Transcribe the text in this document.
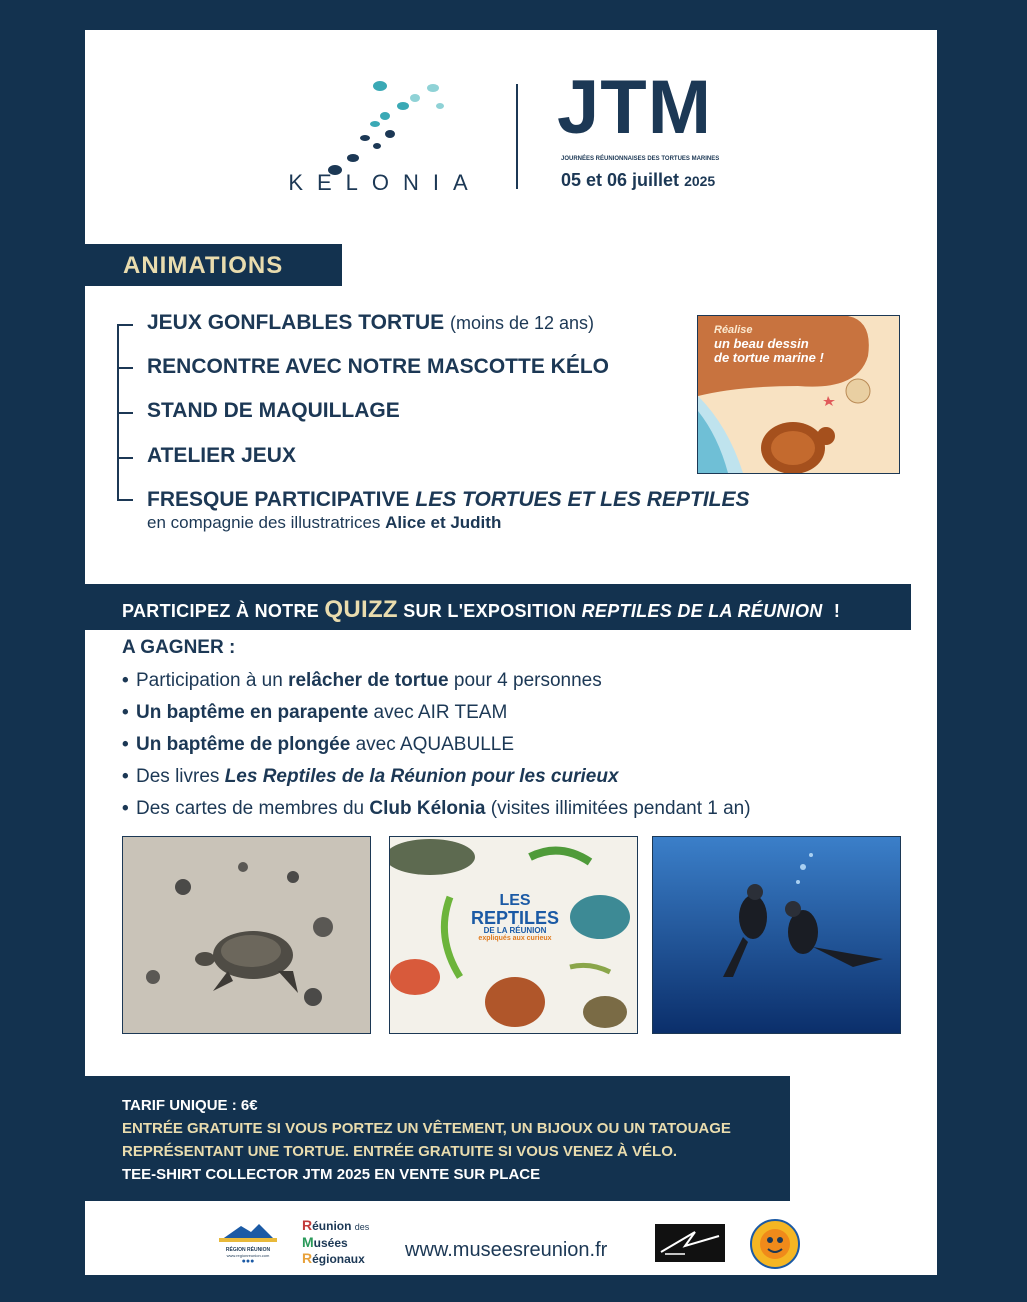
KELONIA
JTM
JOURNÉES RÉUNIONNAISES DES TORTUES MARINES
05 et 06 juillet 2025
ANIMATIONS
JEUX GONFLABLES TORTUE (moins de 12 ans)
RENCONTRE AVEC NOTRE MASCOTTE KÉLO
STAND DE MAQUILLAGE
ATELIER JEUX
FRESQUE PARTICIPATIVE LES TORTUES ET LES REPTILES
en compagnie des illustratrices Alice et Judith
Réalise
un beau dessin
de tortue marine !
PARTICIPEZ À NOTRE QUIZZ SUR L'EXPOSITION REPTILES DE LA RÉUNION !
A GAGNER :
• Participation à un relâcher de tortue pour 4 personnes
• Un baptême en parapente avec AIR TEAM
• Un baptême de plongée avec AQUABULLE
• Des livres Les Reptiles de la Réunion pour les curieux
• Des cartes de membres du Club Kélonia (visites illimitées pendant 1 an)
LES
REPTILES
DE LA RÉUNION
expliqués aux curieux
TARIF UNIQUE : 6€
ENTRÉE GRATUITE SI VOUS PORTEZ UN VÊTEMENT, UN BIJOUX OU UN TATOUAGE
REPRÉSENTANT UNE TORTUE. ENTRÉE GRATUITE SI VOUS VENEZ À VÉLO.
TEE-SHIRT COLLECTOR JTM 2025 EN VENTE SUR PLACE
RÉGION RÉUNION
www.regionreunion.com
●●●
Réunion des
Musées
Régionaux www.museesreunion.fr
